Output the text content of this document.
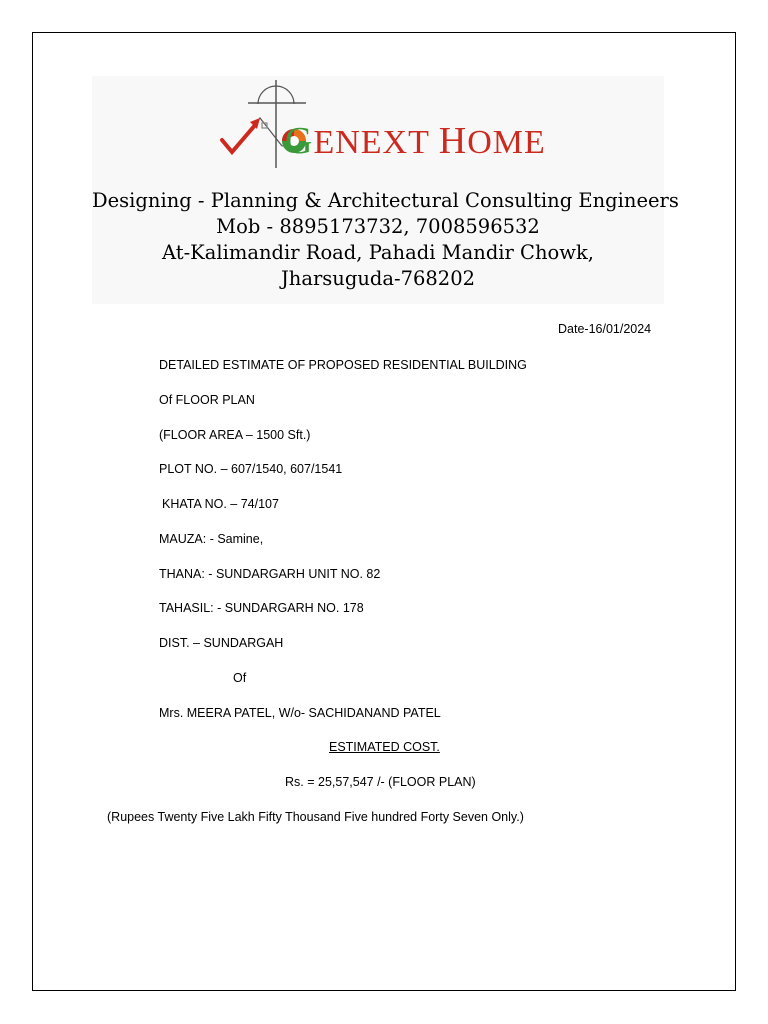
GENEXT HOME
Designing - Planning & Architectural Consulting Engineers
Mob - 8895173732, 7008596532
At-Kalimandir Road, Pahadi Mandir Chowk,
Jharsuguda-768202
Date-16/01/2024
DETAILED ESTIMATE OF PROPOSED RESIDENTIAL BUILDING
Of FLOOR PLAN
(FLOOR AREA – 1500 Sft.)
PLOT NO. – 607/1540, 607/1541
KHATA NO. – 74/107
MAUZA: - Samine,
THANA: - SUNDARGARH UNIT NO. 82
TAHASIL: - SUNDARGARH NO. 178
DIST. – SUNDARGAH
Of
Mrs. MEERA PATEL, W/o- SACHIDANAND PATEL
ESTIMATED COST.
Rs. = 25,57,547 /- (FLOOR PLAN)
(Rupees Twenty Five Lakh Fifty Thousand Five hundred Forty Seven Only.)
